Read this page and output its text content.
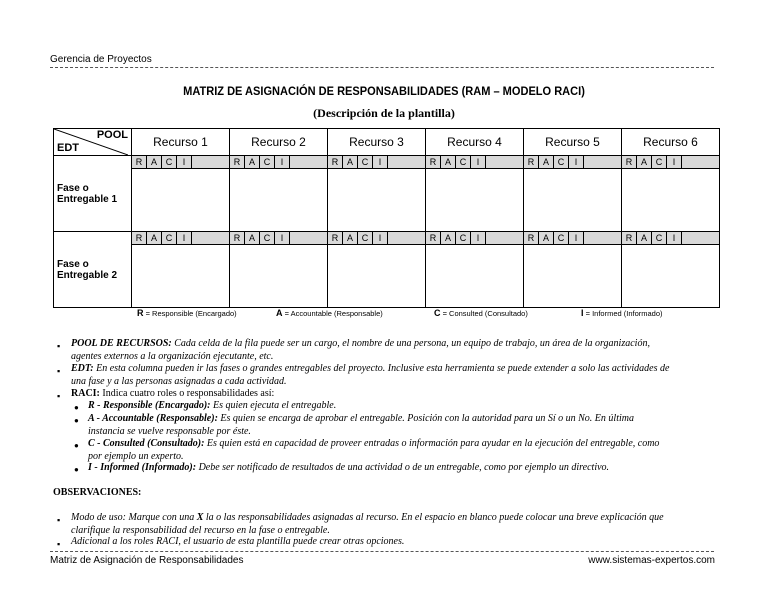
Gerencia de Proyectos
MATRIZ DE ASIGNACIÓN DE RESPONSABILIDADES (RAM – MODELO RACI)
(Descripción de la plantilla)
POOL
EDT	Recurso 1	Recurso 2	Recurso 3	Recurso 4	Recurso 5	Recurso 6
Fase o
Entregable 1	R A C I	R A C I	R A C I	R A C I	R A C I	R A C I

Fase o
Entregable 2	R A C I	R A C I	R A C I	R A C I	R A C I	R A C I

R = Responsible (Encargado)	A = Accountable (Responsable)	C = Consulted (Consultado)	I = Informed (Informado)
▪ POOL DE RECURSOS: Cada celda de la fila puede ser un cargo, el nombre de una persona, un equipo de trabajo, un área de la organización,
agentes externos a la organización ejecutante, etc.
▪ EDT: En esta columna pueden ir las fases o grandes entregables del proyecto. Inclusive esta herramienta se puede extender a solo las actividades de
una fase y a las personas asignadas a cada actividad.
▪ RACI: Indica cuatro roles o responsabilidades así:
● R - Responsible (Encargado): Es quien ejecuta el entregable.
● A - Accountable (Responsable): Es quien se encarga de aprobar el entregable. Posición con la autoridad para un Sí o un No. En última
instancia se vuelve responsable por éste.
● C - Consulted (Consultado): Es quien está en capacidad de proveer entradas o información para ayudar en la ejecución del entregable, como
por ejemplo un experto.
● I - Informed (Informado): Debe ser notificado de resultados de una actividad o de un entregable, como por ejemplo un directivo.
OBSERVACIONES:
▪ Modo de uso: Marque con una X la o las responsabilidades asignadas al recurso. En el espacio en blanco puede colocar una breve explicación que
clarifique la responsabilidad del recurso en la fase o entregable.
▪ Adicional a los roles RACI, el usuario de esta plantilla puede crear otras opciones.
Matriz de Asignación de Responsabilidades	www.sistemas-expertos.com
